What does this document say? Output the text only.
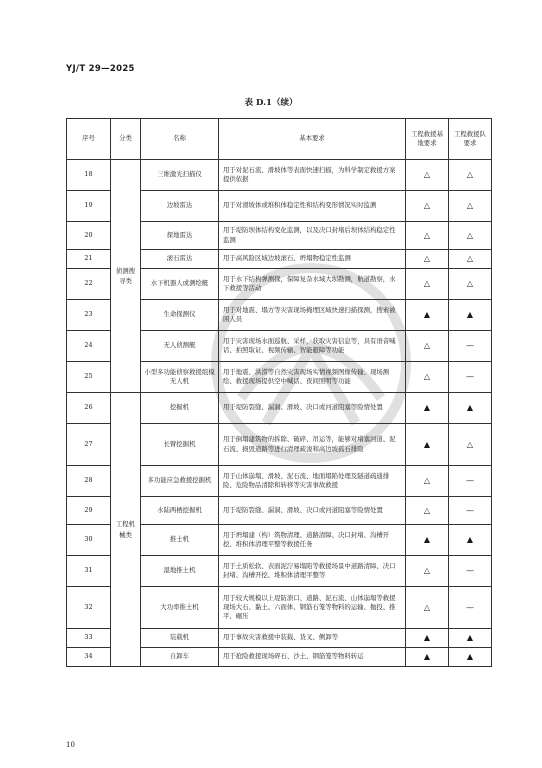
YJ/T 29—2025
表 D.1（续）
序号	分类	名称	基本要求	工程救援基地要求	工程救援队要求
18	侦测搜寻类	三维激光扫描仪	用于对泥石流、滑坡体等表面快速扫描，为科学制定救援方案提供依据	△	△
19		边坡雷达	用于对滑坡体或堆积体稳定性和结构变形情况实时监测	△	△
20		探地雷达	用于堤防坝体结构变化监测，以及决口封堵后坝体结构稳定性监测	△	△
21		滚石雷达	用于高风险区域边坡滚石、坍塌物稳定性监测	△	△
22		水下机器人或测绘艇	用于水下结构弹测探，保障复杂水域大坝勘测，航道勘察，水下救援等活动	△	△
23		生命探测仪	用于对地震、塌方等灾害现场掩埋区域快速扫描探测，搜索被困人员	▲	▲
24		无人侦测艇	用于灾害现场水面巡航、采样，获取灾害信息等，具有语音喊话、拍照取证、视频传输、智能避障等功能	△	—
25		小型多功能侦察救援组模无人机	用于地震、洪涝等自然灾害现场实情视频图像传输、现场测绘、救援现场提供空中喊话、夜间照明等功能	△	—
26	工程机械类	挖掘机	用于堤防裂缝、漏洞、滑坡、决口或河道阻塞等险情处置	▲	▲
27		长臂挖掘机	用于倒塌建筑物的拆除、破碎、吊运等，能够对堵塞河道、泥石流、损毁道路等进行清理疏浚和高边坡孤石排险	▲	△
28		多功能应急救援挖掘机	用于山体崩塌、滑坡、泥石流、地面塌陷处理及隧道疏通排险、危险物品清除和转移等灾害事故救援	△	—
29		水陆两栖挖掘机	用于堤防裂缝、漏洞、滑坡、决口或河道阻塞等险情处置	△	—
30		推土机	用于坍塌建（构）筑物清理、道路清障、决口封堵、沟槽开挖、堆积体清理平整等救援任务	▲	▲
31		湿地推土机	用于土质松软、表面泥泞易塌陷等救援场景中道路清障、决口封堵、沟槽开挖、堆积体清理平整等	△	—
32		大功率推土机	用于较大规模以上堤防溃口、道路、泥石流、山体崩塌等救援现场大石、黏土、六面体、钢筋石笼等物料的运输、抛投、推平、碾压	△	—
33		装载机	用于事故灾害救援中装载、货叉、侧卸等	▲	▲
34		自卸车	用于抢险救援现场碎石、沙土、钢筋笼等物料转运	▲	▲
10
